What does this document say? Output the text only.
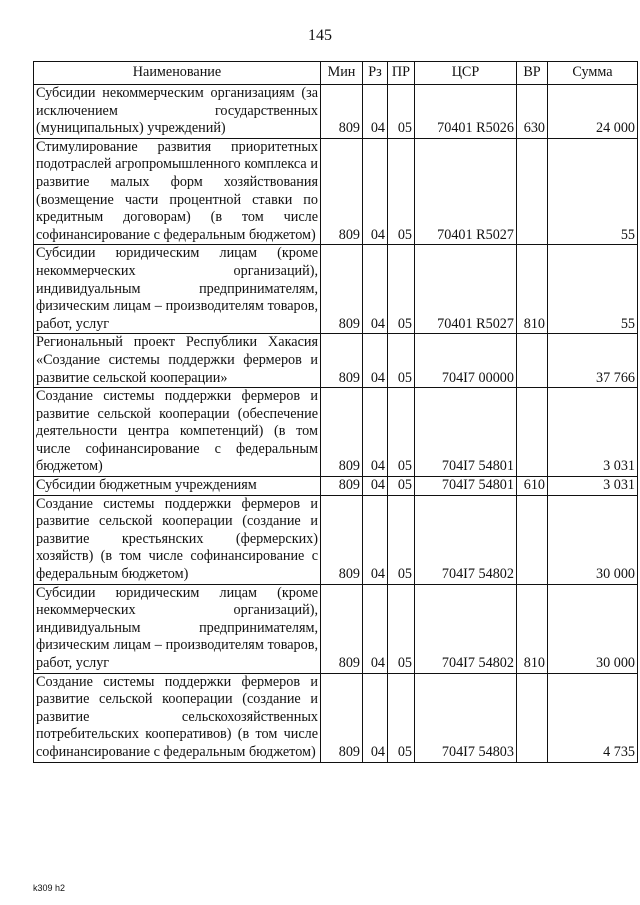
145
Наименование	Мин	Рз	ПР	ЦСР	ВР	Сумма
Субсидии некоммерческим организациям (за исключением государственных (муниципальных) учреждений)	809	04	05	70401 R5026	630	24 000
Стимулирование развития приоритетных подотраслей агропромышленного комплекса и развитие малых форм хозяйствования (возмещение части процентной ставки по кредитным договорам) (в том числе софинансирование с федеральным бюджетом)	809	04	05	70401 R5027		55
Субсидии юридическим лицам (кроме некоммерческих организаций), индивидуальным предпринимателям, физическим лицам – производителям товаров, работ, услуг	809	04	05	70401 R5027	810	55
Региональный проект Республики Хакасия «Создание системы поддержки фермеров и развитие сельской кооперации»	809	04	05	704I7 00000		37 766
Создание системы поддержки фермеров и развитие сельской кооперации (обеспечение деятельности центра компетенций) (в том числе софинансирование с федеральным бюджетом)	809	04	05	704I7 54801		3 031
Субсидии бюджетным учреждениям	809	04	05	704I7 54801	610	3 031
Создание системы поддержки фермеров и развитие сельской кооперации (создание и развитие крестьянских (фермерских) хозяйств) (в том числе софинансирование с федеральным бюджетом)	809	04	05	704I7 54802		30 000
Субсидии юридическим лицам (кроме некоммерческих организаций), индивидуальным предпринимателям, физическим лицам – производителям товаров, работ, услуг	809	04	05	704I7 54802	810	30 000
Создание системы поддержки фермеров и развитие сельской кооперации (создание и развитие сельскохозяйственных потребительских кооперативов) (в том числе софинансирование с федеральным бюджетом)	809	04	05	704I7 54803		4 735
k309 h2
